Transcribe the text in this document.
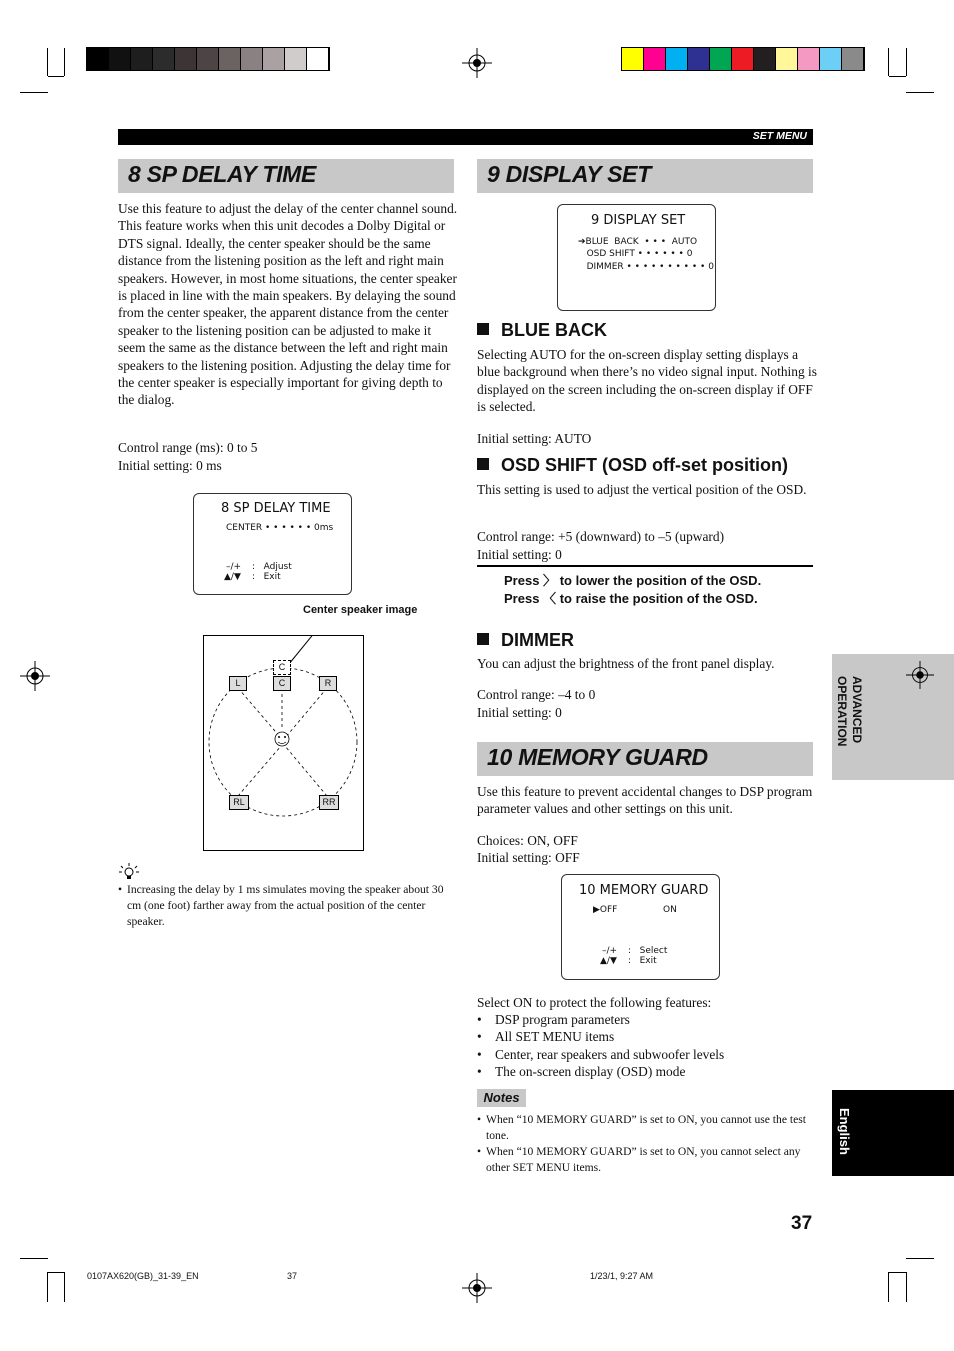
SET MENU
8 SP DELAY TIME
Use this feature to adjust the delay of the center channel sound. This feature works when this unit decodes a Dolby Digital or DTS signal. Ideally, the center speaker should be the same distance from the listening position as the left and right main speakers. However, in most home situations, the center speaker is placed in line with the main speakers. By delaying the sound from the center speaker, the apparent distance from the center speaker to the listening position can be adjusted to make it seem the same as the distance between the left and right main speakers to the listening position. Adjusting the delay time for the center speaker is especially important for giving depth to the dialog.
Control range (ms): 0 to 5
Initial setting: 0 ms
8 SP DELAY TIME
CENTER • • • • • • 0ms
–/+ :   Adjust
▲/▼ :   Exit
Center speaker image
C
L	C	R
RL	RR
• Increasing the delay by 1 ms simulates moving the speaker about 30 cm (one foot) farther away from the actual position of the center speaker.
9 DISPLAY SET
9 DISPLAY SET
➔BLUE  BACK  • • •  AUTO
OSD SHIFT • • • • • • 0
DIMMER • • • • • • • • • • 0
BLUE BACK
Selecting AUTO for the on-screen display setting displays a blue background when there’s no video signal input. Nothing is displayed on the screen including the on-screen display if OFF is selected.
Initial setting: AUTO
OSD SHIFT (OSD off-set position)
This setting is used to adjust the vertical position of the OSD.
Control range: +5 (downward) to –5 (upward)
Initial setting: 0
Press 〉 to lower the position of the OSD.
Press 〈 to raise the position of the OSD.
DIMMER
You can adjust the brightness of the front panel display.
Control range: –4 to 0
Initial setting: 0
10 MEMORY GUARD
Use this feature to prevent accidental changes to DSP program parameter values and other settings on this unit.
Choices: ON, OFF
Initial setting: OFF
10 MEMORY GUARD
▶OFF	ON
–/+ :   Select
▲/▼ :   Exit
Select ON to protect the following features:
• DSP program parameters
• All SET MENU items
• Center, rear speakers and subwoofer levels
• The on-screen display (OSD) mode
Notes
• When “10 MEMORY GUARD” is set to ON, you cannot use the test tone.
• When “10 MEMORY GUARD” is set to ON, you cannot select any other SET MENU items.
ADVANCED
OPERATION
English
37
0107AX620(GB)_31-39_EN	37	1/23/1, 9:27 AM
